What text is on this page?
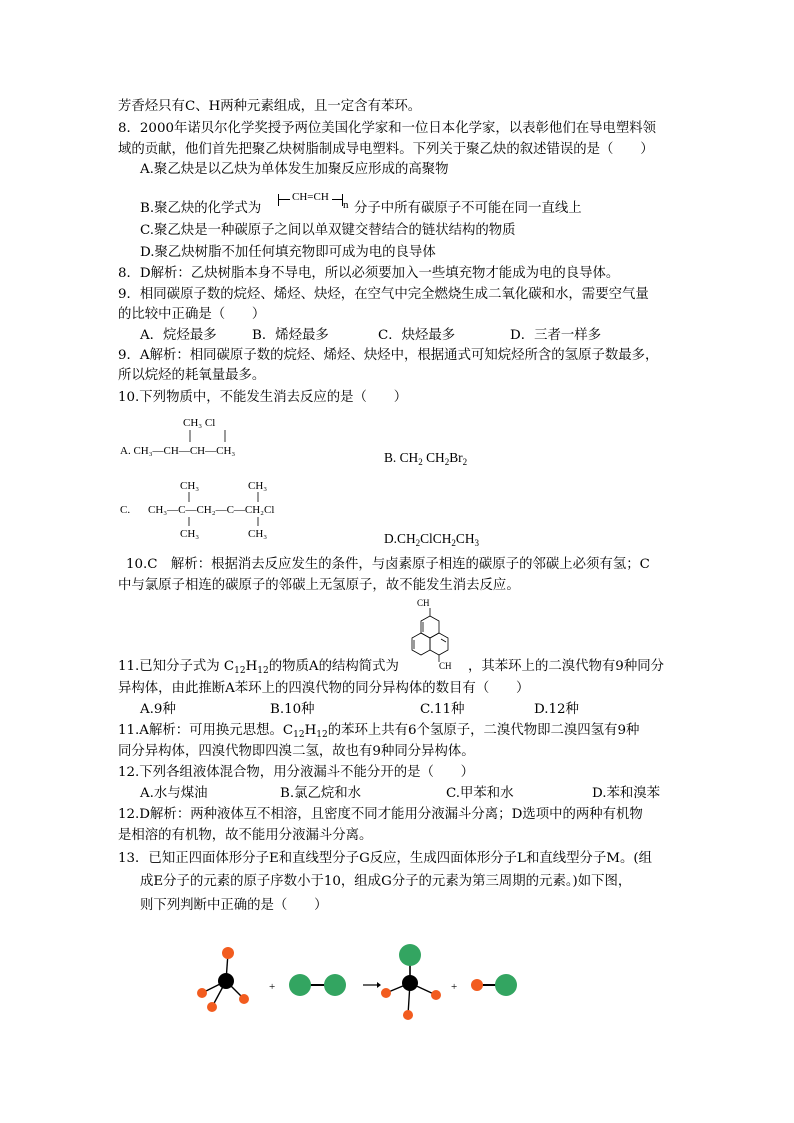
芳香烃只有C、H两种元素组成，且一定含有苯环。
8．2000年诺贝尔化学奖授予两位美国化学家和一位日本化学家，以表彰他们在导电塑料领
域的贡献，他们首先把聚乙炔树脂制成导电塑料。下列关于聚乙炔的叙述错误的是（　　）
A.聚乙炔是以乙炔为单体发生加聚反应形成的高聚物
B.聚乙炔的化学式为
CH=CH
n 分子中所有碳原子不可能在同一直线上
C.聚乙炔是一种碳原子之间以单双键交替结合的链状结构的物质
D.聚乙炔树脂不加任何填充物即可成为电的良导体
8．D解析：乙炔树脂本身不导电，所以必须要加入一些填充物才能成为电的良导体。
9．相同碳原子数的烷烃、烯烃、炔烃，在空气中完全燃烧生成二氧化碳和水，需要空气量
的比较中正确是（　　）
A．烷烃最多	B．烯烃最多	C．炔烃最多	D．三者一样多
9．A解析：相同碳原子数的烷烃、烯烃、炔烃中，根据通式可知烷烃所含的氢原子数最多，
所以烷烃的耗氧量最多。
10.下列物质中，不能发生消去反应的是（　　）
CH₃ Cl
A. CH₃—CH—CH—CH₃	B. $CH_2$ $CH_2Br_2$
C.
CH₃	CH₃
CH₃—C—CH₂—C—CH₂Cl
CH₃	CH₃	$D.CH_2ClCH_2CH_3$
10.C　解析：根据消去反应发生的条件，与卤素原子相连的碳原子的邻碳上必须有氢；C
中与氯原子相连的碳原子的邻碳上无氢原子，故不能发生消去反应。
CH
CH
11.已知分子式为 $C_{12}H_{12}$的物质A的结构简式为	，其苯环上的二溴代物有9种同分
异构体，由此推断A苯环上的四溴代物的同分异构体的数目有（　　）
A.9种	B.10种	C.11种	D.12种
11.A解析：可用换元思想。$C_{12}H_{12}$的苯环上共有6个氢原子，二溴代物即二溴四氢有9种
同分异构体，四溴代物即四溴二氢，故也有9种同分异构体。
12.下列各组液体混合物，用分液漏斗不能分开的是（　　）
A.水与煤油	B.氯乙烷和水	C.甲苯和水	D.苯和溴苯
12.D解析：两种液体互不相溶，且密度不同才能用分液漏斗分离；D选项中的两种有机物
是相溶的有机物，故不能用分液漏斗分离。
13．已知正四面体形分子E和直线型分子G反应，生成四面体形分子L和直线型分子M。(组
成E分子的元素的原子序数小于10，组成G分子的元素为第三周期的元素。)如下图，
则下列判断中正确的是（　　）
+	+
